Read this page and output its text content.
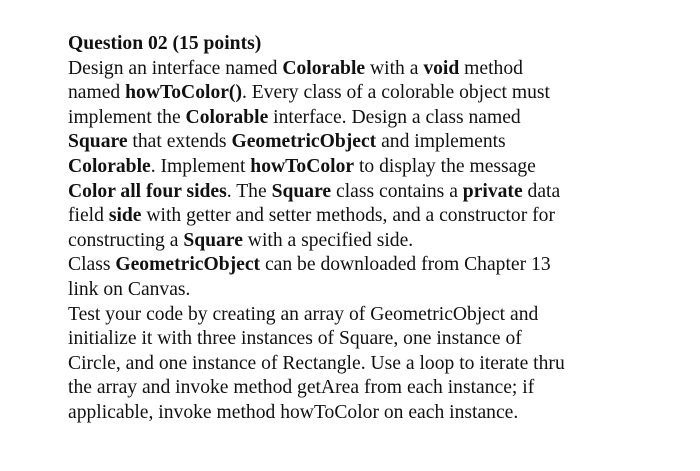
Question 02 (15 points)
Design an interface named Colorable with a void method
named howToColor(). Every class of a colorable object must
implement the Colorable interface. Design a class named
Square that extends GeometricObject and implements
Colorable. Implement howToColor to display the message
Color all four sides. The Square class contains a private data
field side with getter and setter methods, and a constructor for
constructing a Square with a specified side.
Class GeometricObject can be downloaded from Chapter 13
link on Canvas.
Test your code by creating an array of GeometricObject and
initialize it with three instances of Square, one instance of
Circle, and one instance of Rectangle. Use a loop to iterate thru
the array and invoke method getArea from each instance; if
applicable, invoke method howToColor on each instance.
